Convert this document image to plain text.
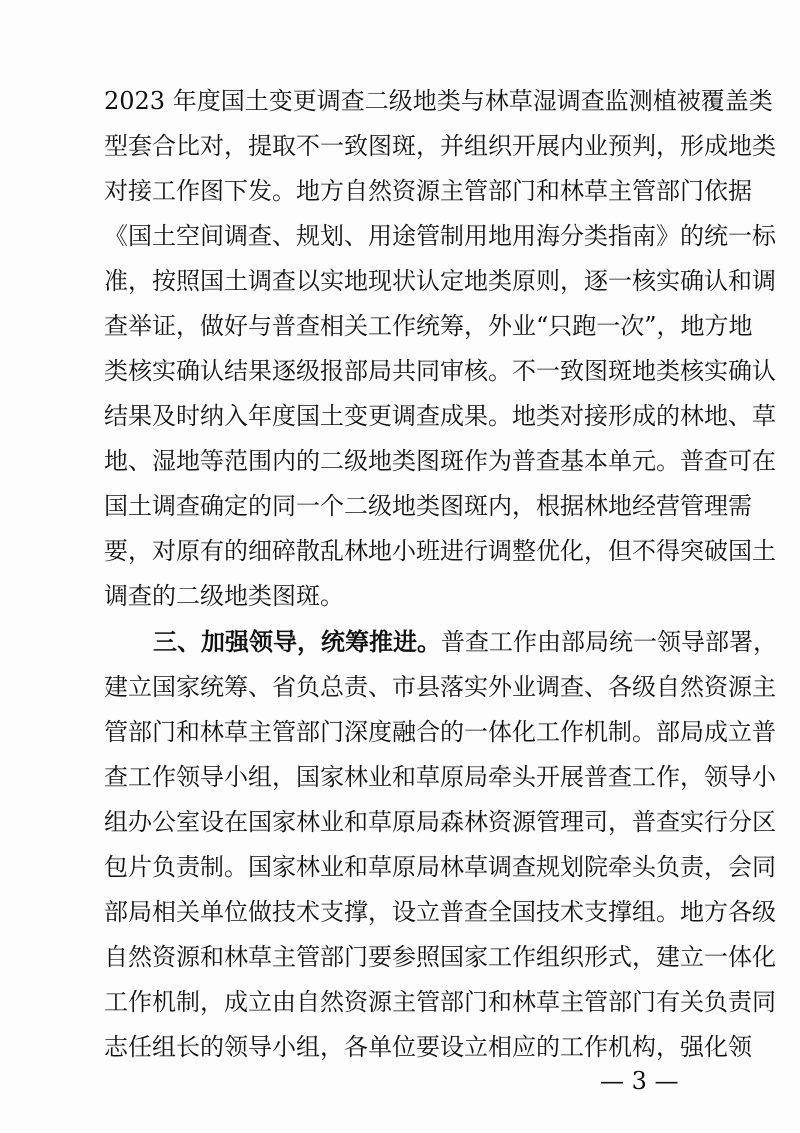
2023 年度国土变更调查二级地类与林草湿调查监测植被覆盖类
型套合比对，提取不一致图斑，并组织开展内业预判，形成地类
对接工作图下发。地方自然资源主管部门和林草主管部门依据
《国土空间调查、规划、用途管制用地用海分类指南》的统一标
准，按照国土调查以实地现状认定地类原则，逐一核实确认和调
查举证，做好与普查相关工作统筹，外业“只跑一次”，地方地
类核实确认结果逐级报部局共同审核。不一致图斑地类核实确认
结果及时纳入年度国土变更调查成果。地类对接形成的林地、草
地、湿地等范围内的二级地类图斑作为普查基本单元。普查可在
国土调查确定的同一个二级地类图斑内，根据林地经营管理需
要，对原有的细碎散乱林地小班进行调整优化，但不得突破国土
调查的二级地类图斑。
三、加强领导，统筹推进。普查工作由部局统一领导部署，
建立国家统筹、省负总责、市县落实外业调查、各级自然资源主
管部门和林草主管部门深度融合的一体化工作机制。部局成立普
查工作领导小组，国家林业和草原局牵头开展普查工作，领导小
组办公室设在国家林业和草原局森林资源管理司，普查实行分区
包片负责制。国家林业和草原局林草调查规划院牵头负责，会同
部局相关单位做技术支撑，设立普查全国技术支撑组。地方各级
自然资源和林草主管部门要参照国家工作组织形式，建立一体化
工作机制，成立由自然资源主管部门和林草主管部门有关负责同
志任组长的领导小组，各单位要设立相应的工作机构，强化领
— 3 —
